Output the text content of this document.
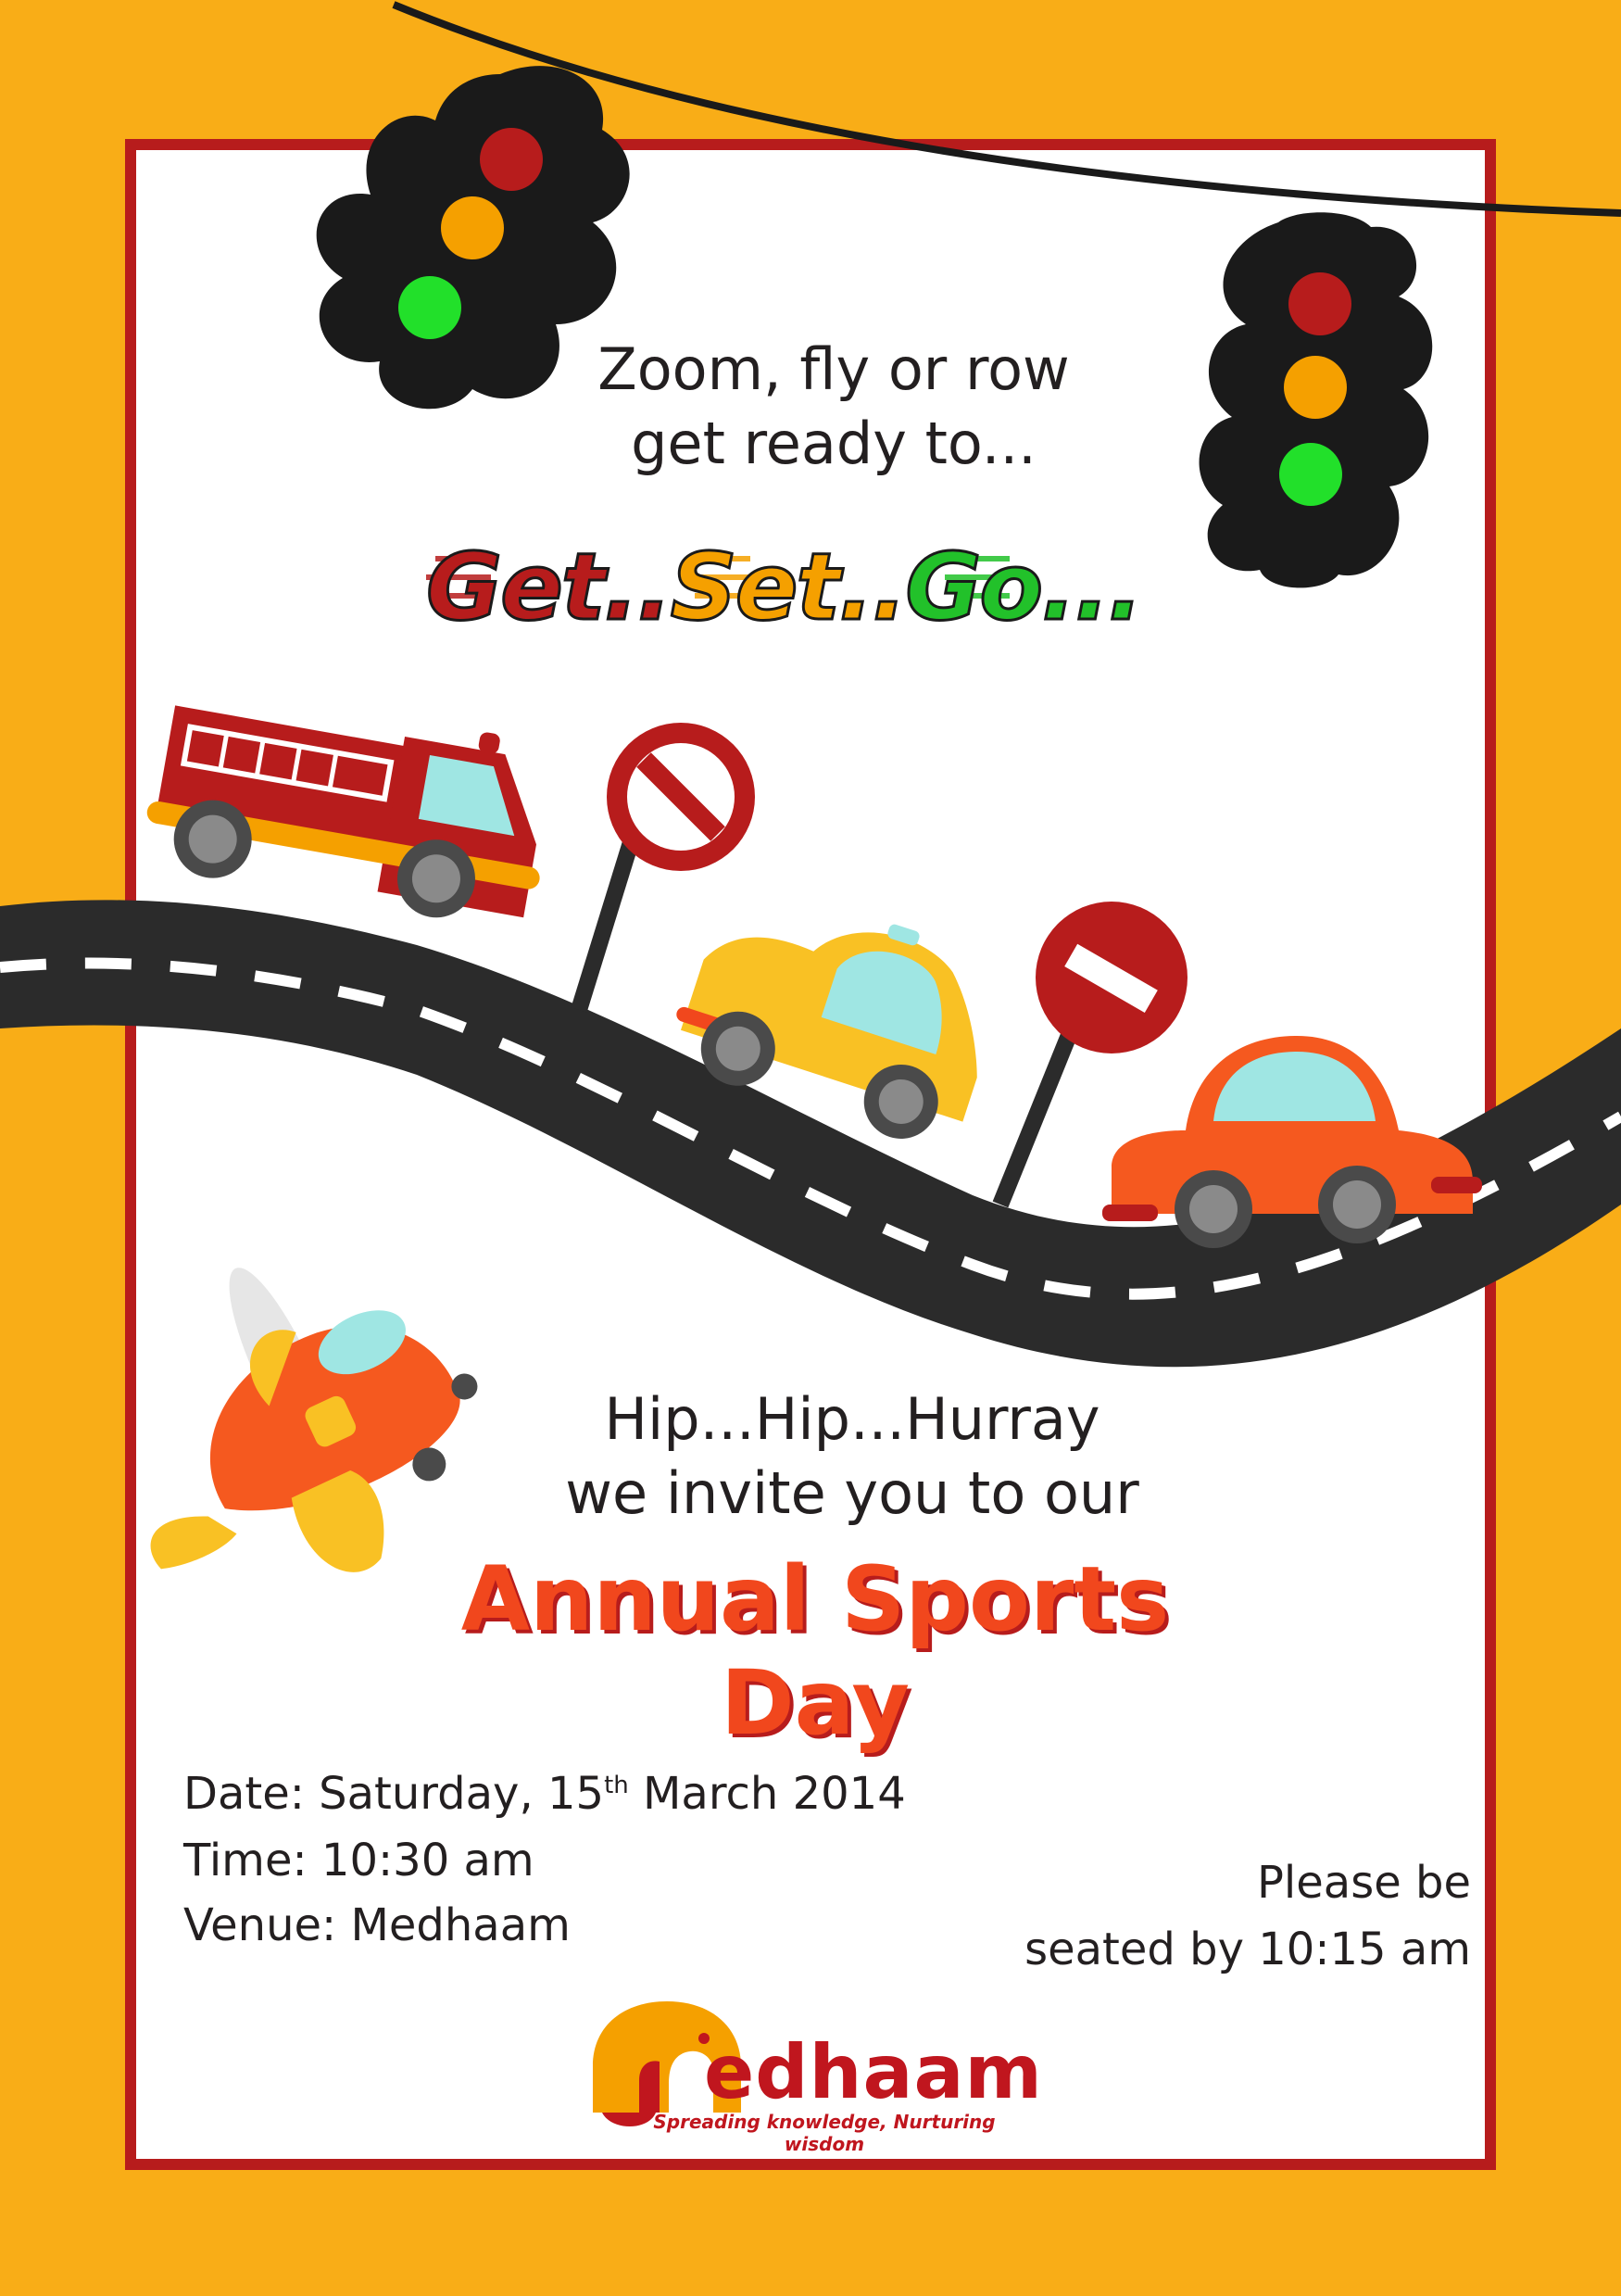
Zoom, fly or row

get ready to...

Get..Set..Go...

Hip...Hip...Hurray

we invite you to our

Annual Sports Day
Date: Saturday, 15th March 2014
Time: 10:30 am
Venue: Medhaam
Please be
seated by 10:15 am
edhaam
Spreading knowledge, Nurturing wisdom
